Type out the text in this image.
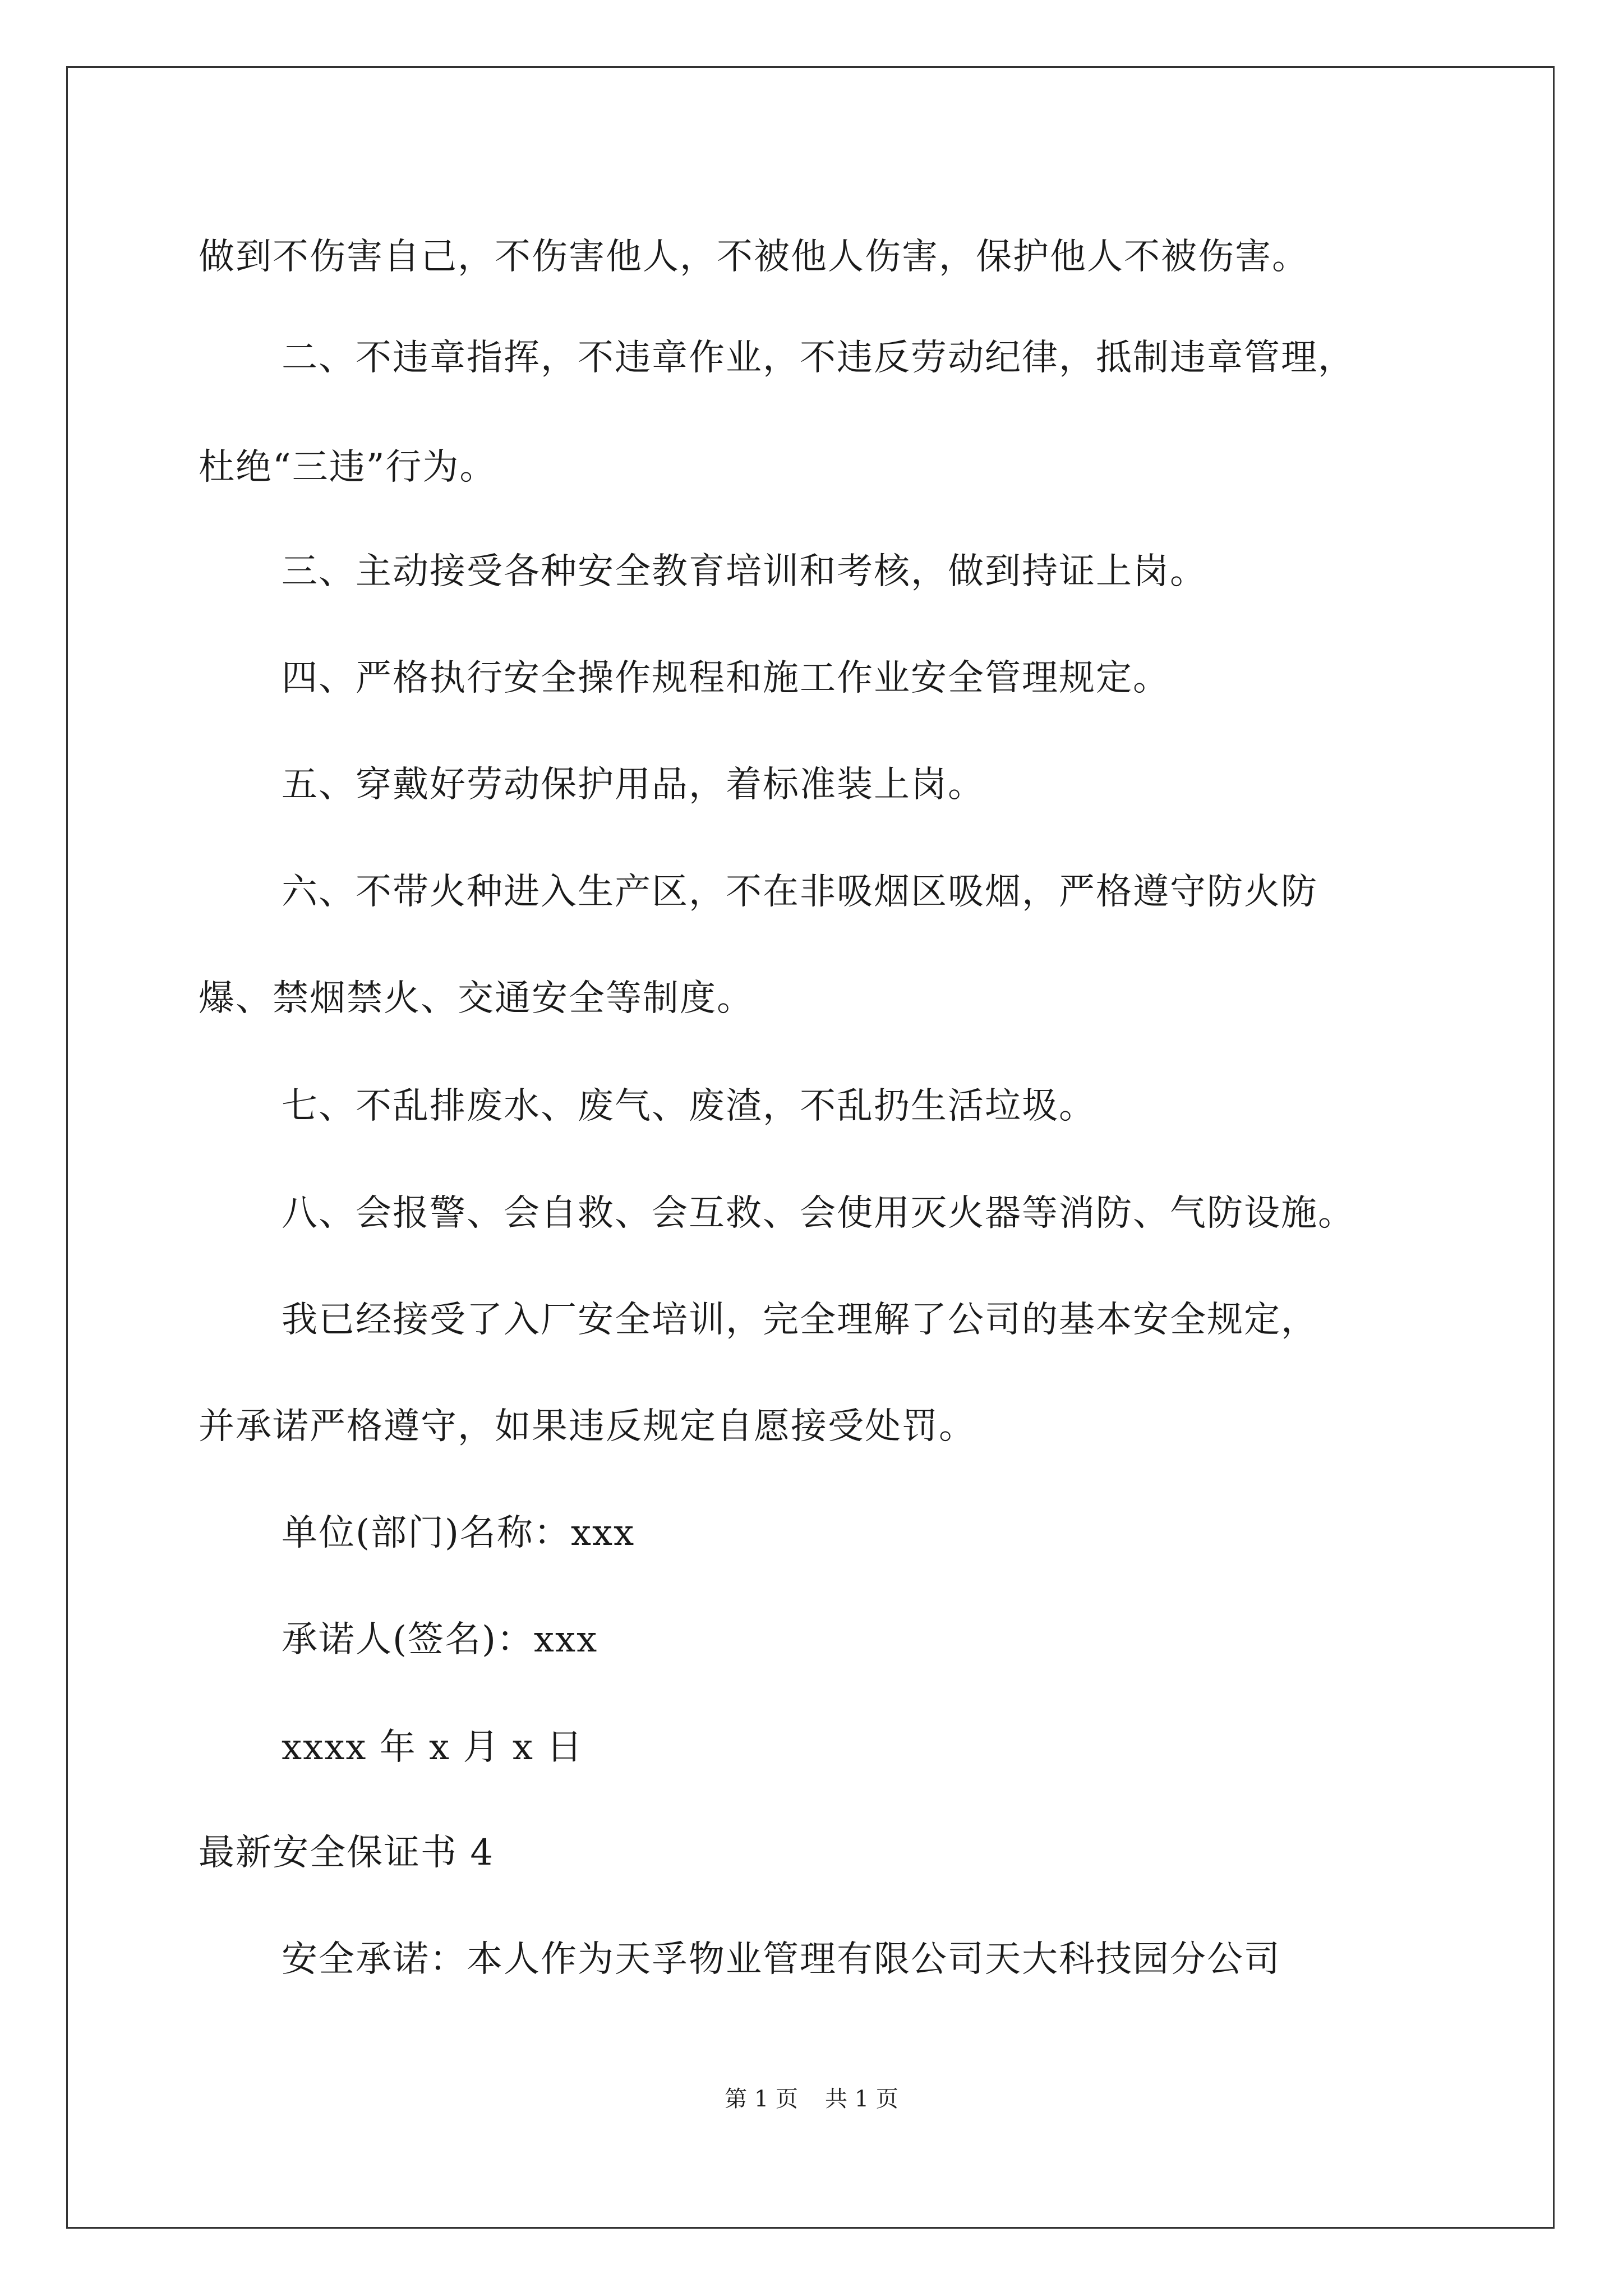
做到不伤害自己，不伤害他人，不被他人伤害，保护他人不被伤害。
二、不违章指挥，不违章作业，不违反劳动纪律，抵制违章管理，
杜绝“三违”行为。
三、主动接受各种安全教育培训和考核，做到持证上岗。
四、严格执行安全操作规程和施工作业安全管理规定。
五、穿戴好劳动保护用品，着标准装上岗。
六、不带火种进入生产区，不在非吸烟区吸烟，严格遵守防火防
爆、禁烟禁火、交通安全等制度。
七、不乱排废水、废气、废渣，不乱扔生活垃圾。
八、会报警、会自救、会互救、会使用灭火器等消防、气防设施。
我已经接受了入厂安全培训，完全理解了公司的基本安全规定，
并承诺严格遵守，如果违反规定自愿接受处罚。
单位(部门)名称：xxx
承诺人(签名)：xxx
xxxx 年 x 月 x 日
最新安全保证书 4
安全承诺：本人作为天孚物业管理有限公司天大科技园分公司
第 1 页 共 1 页
